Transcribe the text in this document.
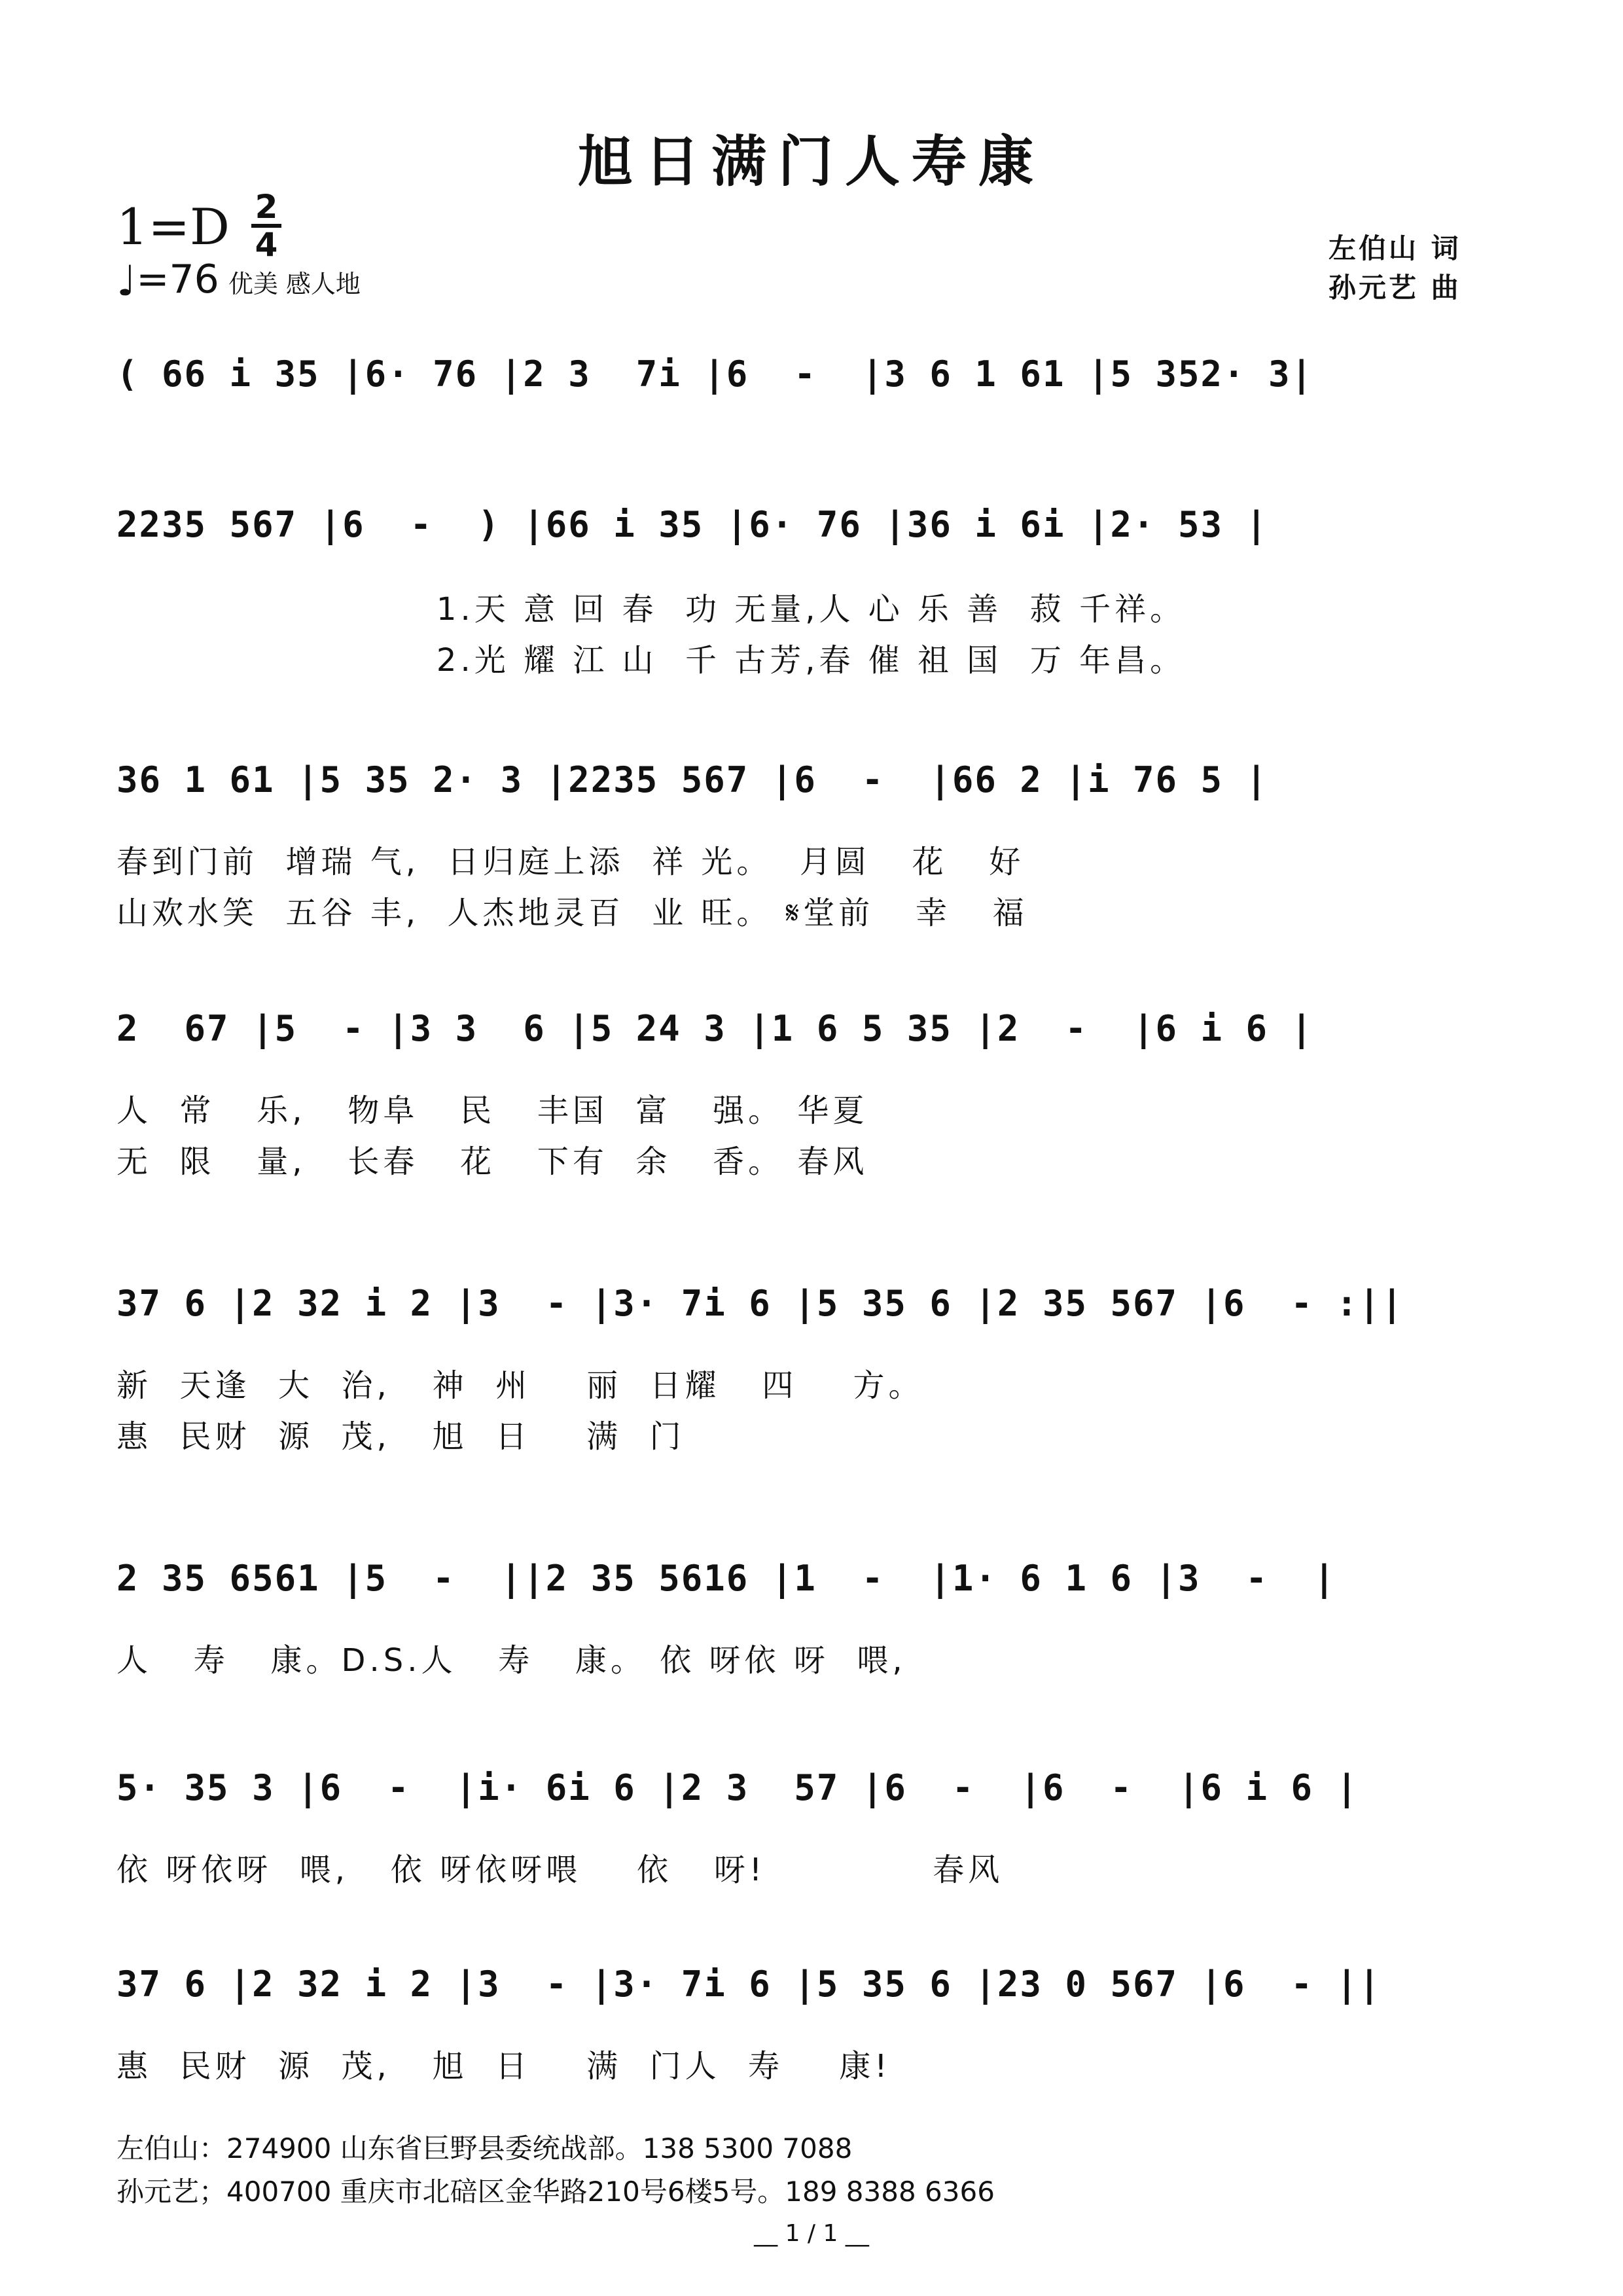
旭日满门人寿康
1=D 2
4
♩=76 优美 感人地
左伯山 词
孙元艺 曲
( 66 i 35 |6· 76 |2 3  7i |6  -  |3 6 1 61 |5 352· 3|
2235 567 |6  -  ) |66 i 35 |6· 76 |36 i 6i |2· 53 |
1.天 意 回 春  功 无量,人 心 乐 善  菽 千祥。
2.光 耀 江 山  千 古芳,春 催 祖 国  万 年昌。
36 1 61 |5 35 2· 3 |2235 567 |6  -  |66 2 |i 76 5 |
春到门前  增瑞 气,  日归庭上添  祥 光。  月圆   花   好
山欢水笑  五谷 丰,  人杰地灵百  业 旺。 𝄋堂前   幸   福
2  67 |5  - |3 3  6 |5 24 3 |1 6 5 35 |2  -  |6 i 6 |
人  常   乐,   物阜   民   丰国  富   强。 华夏
无  限   量,   长春   花   下有  余   香。 春风
37 6 |2 32 i 2 |3  - |3· 7i 6 |5 35 6 |2 35 567 |6  - :||
新  天逢  大  治,   神  州    丽  日耀   四    方。
惠  民财  源  茂,   旭  日    满  门
2 35 6561 |5  -  ||2 35 5616 |1  -  |1· 6 1 6 |3  -  |
人   寿   康。D.S.人   寿   康。 依 呀依 呀  喂,
5· 35 3 |6  -  |i· 6i 6 |2 3  57 |6  -  |6  -  |6 i 6 |
依 呀依呀  喂,   依 呀依呀喂    依   呀!            春风
37 6 |2 32 i 2 |3  - |3· 7i 6 |5 35 6 |23 0 567 |6  - ||
惠  民财  源  茂,   旭  日    满  门人  寿    康!
左伯山：274900 山东省巨野县委统战部。138 5300 7088
孙元艺；400700 重庆市北碚区金华路210号6楼5号。189 8388 6366
__ 1 / 1 __
